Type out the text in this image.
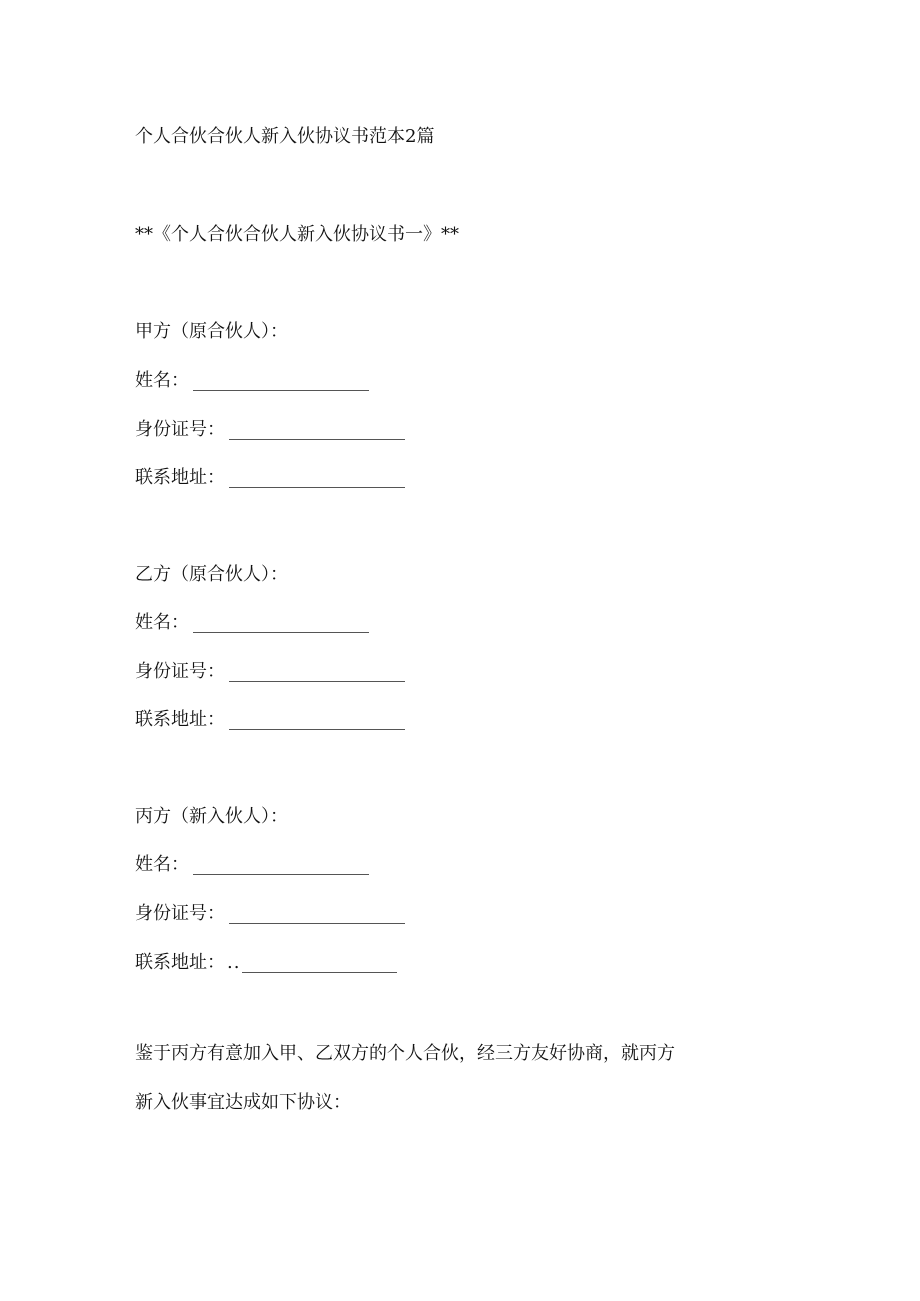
个人合伙合伙人新入伙协议书范本2篇
**《个人合伙合伙人新入伙协议书一》**
甲方（原合伙人）：
姓名：
身份证号：
联系地址：
乙方（原合伙人）：
姓名：
身份证号：
联系地址：
丙方（新入伙人）：
姓名：
身份证号：
联系地址： ..
鉴于丙方有意加入甲、乙双方的个人合伙，经三方友好协商，就丙方
新入伙事宜达成如下协议：
